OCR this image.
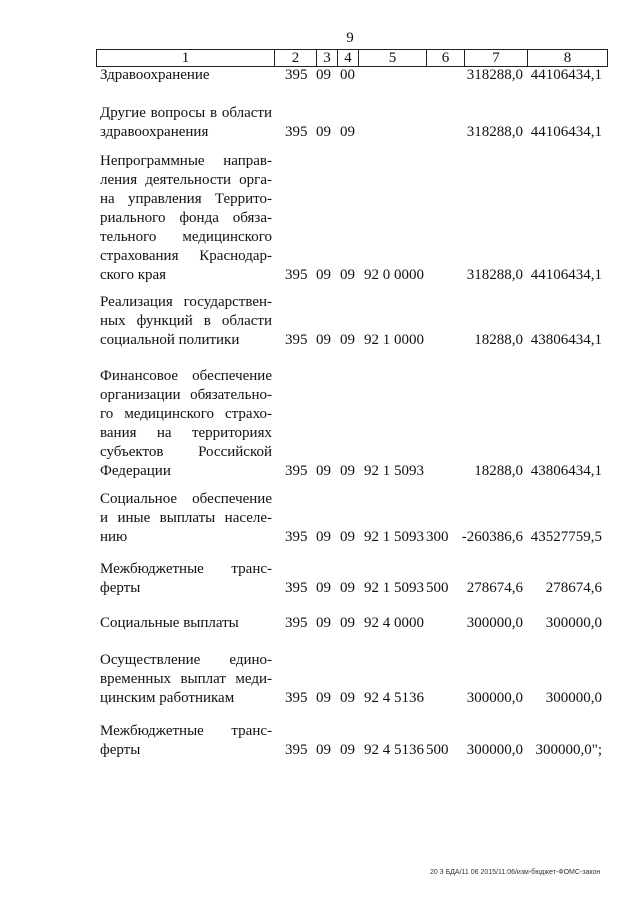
9
1	2	3	4	5	6	7	8
Здравоохранение	395 09 00	318288,0 44106434,1
Другие вопросы в области
здравоохранения	395 09 09	318288,0 44106434,1
Непрограммные направ-
ления деятельности орга-
на управления Террито-
риального фонда обяза-
тельного медицинского
страхования Краснодар-
ского края	395 09 09 92 0 0000	318288,0 44106434,1
Реализация государствен-
ных функций в области
социальной политики	395 09 09 92 1 0000	18288,0 43806434,1
Финансовое обеспечение
организации обязательно-
го медицинского страхо-
вания на территориях
субъектов Российской
Федерации	395 09 09 92 1 5093	18288,0 43806434,1
Социальное обеспечение
и иные выплаты населе-
нию	395 09 09 92 1 5093 300 -260386,6 43527759,5
Межбюджетные транс-
ферты	395 09 09 92 1 5093 500	278674,6	278674,6
Социальные выплаты	395 09 09 92 4 0000	300000,0	300000,0
Осуществление едино-
временных выплат меди-
цинским работникам	395 09 09 92 4 5136	300000,0	300000,0
Межбюджетные транс-
ферты	395 09 09 92 4 5136 500	300000,0 300000,0";
20 3 БДА/11 06 2015/11:06/изм-бюджет-ФОМС-закон
